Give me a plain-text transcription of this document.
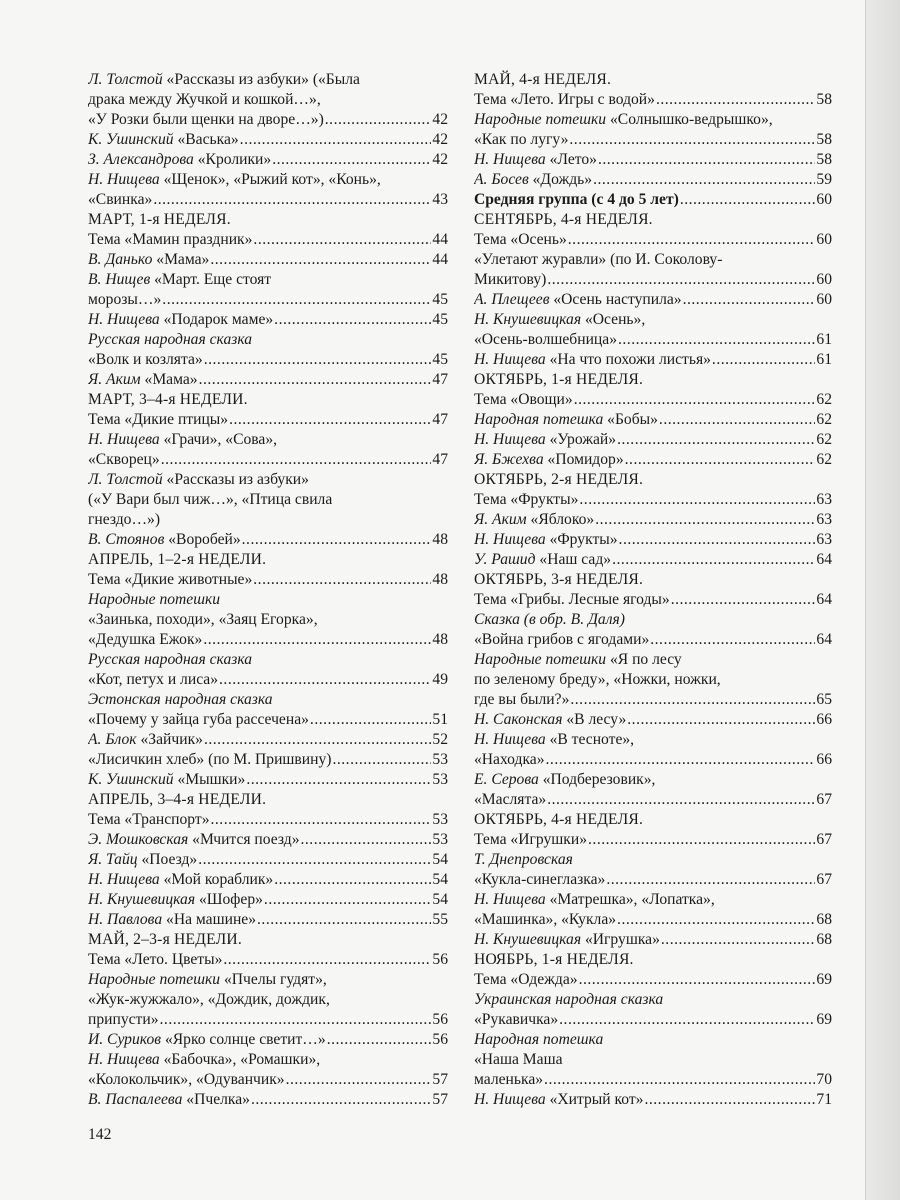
Л. Толстой «Рассказы из азбуки» («Была
драка между Жучкой и кошкой…»,
«У Розки были щенки на дворе…») .....	42
К. Ушинский «Васька» .....	42
З. Александрова «Кролики» .....	42
Н. Нищева «Щенок», «Рыжий кот», «Конь»,
«Свинка» .....	43
МАРТ, 1-я НЕДЕЛЯ.
Тема «Мамин праздник» .....	44
В. Данько «Мама» .....	44
В. Нищев «Март. Еще стоят
морозы…» .....	45
Н. Нищева «Подарок маме» .....	45
Русская народная сказка
«Волк и козлята» .....	45
Я. Аким «Мама» .....	47
МАРТ, 3–4-я НЕДЕЛИ.
Тема «Дикие птицы» .....	47
Н. Нищева «Грачи», «Сова»,
«Скворец» .....	47
Л. Толстой «Рассказы из азбуки»
(«У Вари был чиж…», «Птица свила
гнездо…»)
В. Стоянов «Воробей» .....	48
АПРЕЛЬ, 1–2-я НЕДЕЛИ.
Тема «Дикие животные» .....	48
Народные потешки
«Заинька, походи», «Заяц Егорка»,
«Дедушка Ежок» .....	48
Русская народная сказка
«Кот, петух и лиса» .....	49
Эстонская народная сказка
«Почему у зайца губа рассечена» .....	51
А. Блок «Зайчик» .....	52
«Лисичкин хлеб» (по М. Пришвину) .....	53
К. Ушинский «Мышки» .....	53
АПРЕЛЬ, 3–4-я НЕДЕЛИ.
Тема «Транспорт» .....	53
Э. Мошковская «Мчится поезд» .....	53
Я. Тайц «Поезд» .....	54
Н. Нищева «Мой кораблик» .....	54
Н. Кнушевицкая «Шофер» .....	54
Н. Павлова «На машине» .....	55
МАЙ, 2–3-я НЕДЕЛИ.
Тема «Лето. Цветы» .....	56
Народные потешки «Пчелы гудят»,
«Жук-жужжало», «Дождик, дождик,
припусти» .....	56
И. Суриков «Ярко солнце светит…» .....	56
Н. Нищева «Бабочка», «Ромашки»,
«Колокольчик», «Одуванчик» .....	57
В. Паспалеева «Пчелка» .....	57
МАЙ, 4-я НЕДЕЛЯ.
Тема «Лето. Игры с водой» .....	58
Народные потешки «Солнышко-ведрышко»,
«Как по лугу» .....	58
Н. Нищева «Лето» .....	58
А. Босев «Дождь» .....	59
Средняя группа (с 4 до 5 лет) .....	60
СЕНТЯБРЬ, 4-я НЕДЕЛЯ.
Тема «Осень» .....	60
«Улетают журавли» (по И. Соколову-
Микитову) .....	60
А. Плещеев «Осень наступила» .....	60
Н. Кнушевицкая «Осень»,
«Осень-волшебница» .....	61
Н. Нищева «На что похожи листья» .....	61
ОКТЯБРЬ, 1-я НЕДЕЛЯ.
Тема «Овощи» .....	62
Народная потешка «Бобы» .....	62
Н. Нищева «Урожай» .....	62
Я. Бжехва «Помидор» .....	62
ОКТЯБРЬ, 2-я НЕДЕЛЯ.
Тема «Фрукты» .....	63
Я. Аким «Яблоко» .....	63
Н. Нищева «Фрукты» .....	63
У. Рашид «Наш сад» .....	64
ОКТЯБРЬ, 3-я НЕДЕЛЯ.
Тема «Грибы. Лесные ягоды» .....	64
Сказка (в обр. В. Даля)
«Война грибов с ягодами» .....	64
Народные потешки «Я по лесу
по зеленому бреду», «Ножки, ножки,
где вы были?» .....	65
Н. Саконская «В лесу» .....	66
Н. Нищева «В тесноте»,
«Находка» .....	66
Е. Серова «Подберезовик»,
«Маслята» .....	67
ОКТЯБРЬ, 4-я НЕДЕЛЯ.
Тема «Игрушки» .....	67
Т. Днепровская
«Кукла-синеглазка» .....	67
Н. Нищева «Матрешка», «Лопатка»,
«Машинка», «Кукла» .....	68
Н. Кнушевицкая «Игрушка» .....	68
НОЯБРЬ, 1-я НЕДЕЛЯ.
Тема «Одежда» .....	69
Украинская народная сказка
«Рукавичка» .....	69
Народная потешка
«Наша Маша
маленька» .....	70
Н. Нищева «Хитрый кот» .....	71
142
